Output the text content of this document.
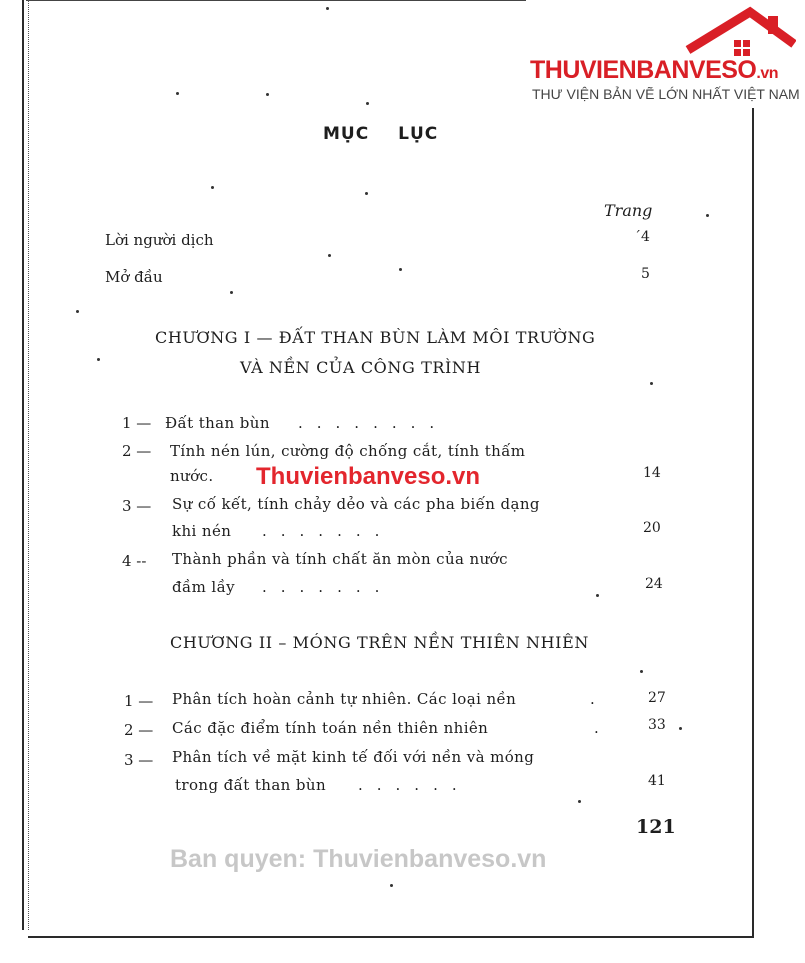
THUVIENBANVESO.vn
THƯ VIỆN BẢN VẼ LỚN NHẤT VIỆT NAM
MỤC LỤC
Trang
Lời người dịch	´4
Mở đầu	5
CHƯƠNG I — ĐẤT THAN BÙN LÀM MÔI TRƯỜNG
VÀ NỀN CỦA CÔNG TRÌNH
1 — Đất than bùn ........
2 — Tính nén lún, cường độ chống cắt, tính thấm
nước.	14
3 — Sự cố kết, tính chảy dẻo và các pha biến dạng
khi nén .......	20
4 -- Thành phần và tính chất ăn mòn của nước
đầm lầy .......	24
CHƯƠNG II – MÓNG TRÊN NỀN THIÊN NHIÊN
1 — Phân tích hoàn cảnh tự nhiên. Các loại nền	.	27
2 — Các đặc điểm tính toán nền thiên nhiên	.	33
3 — Phân tích về mặt kinh tế đối với nền và móng
trong đất than bùn ......	41
121
Thuvienbanveso.vn
Ban quyen: Thuvienbanveso.vn
